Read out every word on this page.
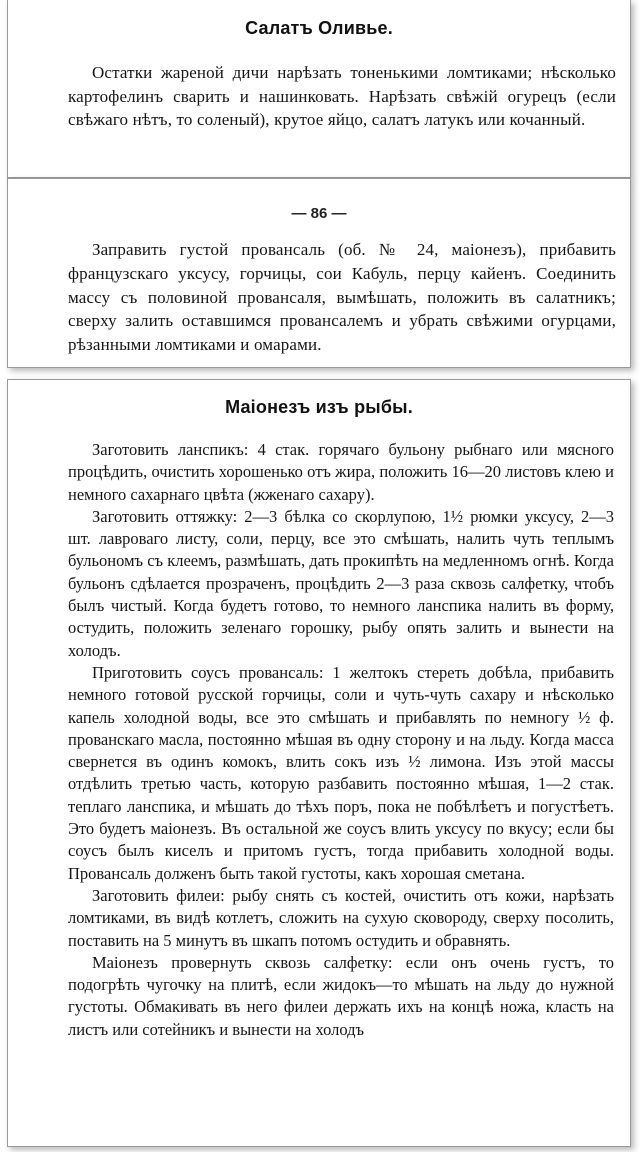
Салатъ Оливье.

Остатки жареной дичи нарѣзать тоненькими ломтиками; нѣсколько картофелинъ сварить и нашинковать. Нарѣзать свѣжій огурецъ (если свѣжаго нѣтъ, то соленый), крутое яйцо, салатъ латукъ или кочанный.

— 86 —

Заправить густой провансаль (об. № 24, маіонезъ), прибавить французскаго уксусу, горчицы, сои Кабуль, перцу кайенъ. Соединить массу съ половиной провансаля, вымѣшать, положить въ салатникъ; сверху залить оставшимся провансалемъ и убрать свѣжими огурцами, рѣзанными ломтиками и омарами.

Маіонезъ изъ рыбы.

Заготовить ланспикъ: 4 стак. горячаго бульону рыбнаго или мясного процѣдить, очистить хорошенько отъ жира, положить 16—20 листовъ клею и немного сахарнаго цвѣта (жженаго сахару).

Заготовить оттяжку: 2—3 бѣлка со скорлупою, 1½ рюмки уксусу, 2—3 шт. лавроваго листу, соли, перцу, все это смѣшать, налить чуть теплымъ бульономъ съ клеемъ, размѣшать, дать прокипѣть на медленномъ огнѣ. Когда бульонъ сдѣлается прозраченъ, процѣдить 2—3 раза сквозь салфетку, чтобъ былъ чистый. Когда будетъ готово, то немного ланспика налить въ форму, остудить, положить зеленаго горошку, рыбу опять залить и вынести на холодъ.

Приготовить соусъ провансаль: 1 желтокъ стереть добѣла, прибавить немного готовой русской горчицы, соли и чуть-чуть сахару и нѣсколько капель холодной воды, все это смѣшать и прибавлять по немногу ½ ф. прованскаго масла, постоянно мѣшая въ одну сторону и на льду. Когда масса свернется въ одинъ комокъ, влить сокъ изъ ½ лимона. Изъ этой массы отдѣлить третью часть, которую разбавить постоянно мѣшая, 1—2 стак. теплаго ланспика, и мѣшать до тѣхъ поръ, пока не побѣлѣетъ и погустѣетъ. Это будетъ маіонезъ. Въ остальной же соусъ влить уксусу по вкусу; если бы соусъ былъ киселъ и притомъ густъ, тогда прибавить холодной воды. Провансаль долженъ быть такой густоты, какъ хорошая сметана.

Заготовить филеи: рыбу снять съ костей, очистить отъ кожи, нарѣзать ломтиками, въ видѣ котлетъ, сложить на сухую сковороду, сверху посолить, поставить на 5 минутъ въ шкапъ потомъ остудить и обравнять.

Маіонезъ провернуть сквозь салфетку: если онъ очень густъ, то подогрѣть чугочку на плитѣ, если жидокъ—то мѣшать на льду до нужной густоты. Обмакивать въ него филеи держать ихъ на концѣ ножа, класть на листъ или сотейникъ и вынести на холодъ
